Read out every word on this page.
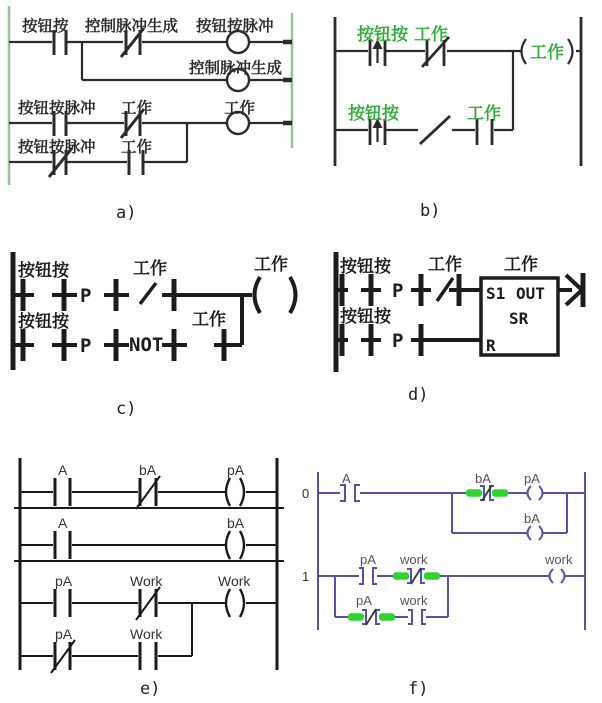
按钮按 控制脉冲生成 按钮按脉冲
控制脉冲生成
按钮按脉冲 工作	工作
按钮按脉冲 工作
a)
工作
按钮按 工作
按钮按	工作
b)
P
按钮按	工作	工作
P NOT
按钮按	工作
c)
P
按钮按 工作
P
按钮按
S1 OUT
SR
R
工作
d)
A	bA	pA
A	bA
pA	Work	Work
pA	Work
e)
0
A	bA	pA
bA
1
pA work	work
pA work
f)
